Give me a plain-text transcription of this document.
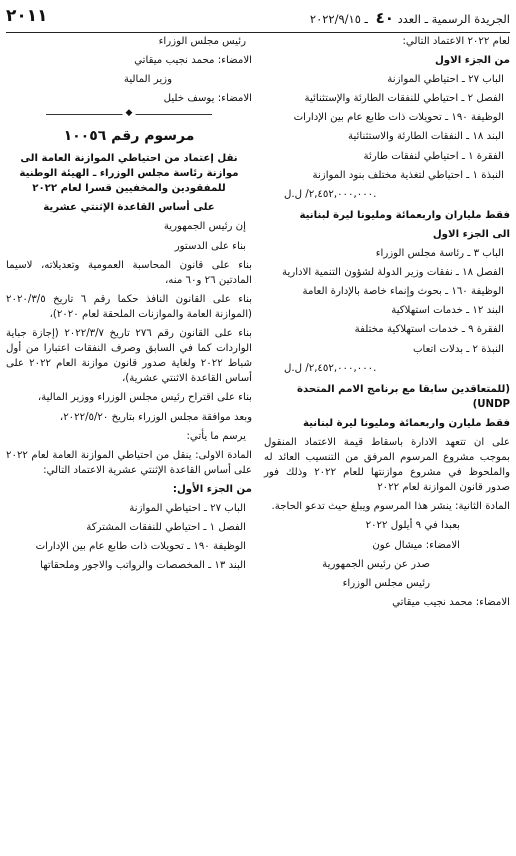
الجريدة الرسمية ـ العدد ٤٠ ـ ٢٠٢٢/٩/١٥
٢٠١١
لعام ٢٠٢٢ الاعتماد التالي:
من الجزء الاول
الباب ٢٧ ـ احتياطي الموازنة
الفصل ٢ ـ احتياطي للنفقات الطارئة والإستثنائية
الوظيفة ١٩٠ ـ تحويلات ذات طابع عام بين الإدارات
البند ١٨ ـ النفقات الطارئة والاستثنائية
الفقرة ١ ـ احتياطي لنفقات طارئة
النبذة ١ ـ احتياطي لتغذية مختلف بنود الموازنة
٢,٤٥٢,٠٠٠,٠٠٠/ ل.ل.
فقط ملياران واربعمائة ومليونا ليرة لبنانية
الى الجزء الاول
الباب ٣ ـ رئاسة مجلس الوزراء
الفصل ١٨ ـ نفقات وزير الدولة لشؤون التنمية الادارية
الوظيفة ١٦٠ ـ بحوث وإنماء خاصة بالإدارة العامة
البند ١٢ ـ خدمات استهلاكية
الفقرة ٩ ـ خدمات استهلاكية مختلفة
النبذة ٢ ـ بدلات اتعاب
٢,٤٥٢,٠٠٠,٠٠٠/ ل.ل.
(للمتعاقدين سابقا مع برنامج الامم المتحدة UNDP)
فقط مليارن واربعمائة ومليونا ليرة لبنانية
على ان تتعهد الادارة باسقاط قيمة الاعتماد المنقول بموجب مشروع المرسوم المرفق من التنسيب العائد له والملحوظ في مشروع موازنتها للعام ٢٠٢٢ وذلك فور صدور قانون الموازنة لعام ٢٠٢٢
المادة الثانية: ينشر هذا المرسوم ويبلغ حيث تدعو الحاجة.
بعبدا في ٩ أيلول ٢٠٢٢
الامضاء: ميشال عون
صدر عن رئيس الجمهورية
رئيس مجلس الوزراء
الامضاء: محمد نجيب ميقاتي
رئيس مجلس الوزراء
الامضاء: محمد نجيب ميقاتي
وزير المالية
الامضاء: يوسف خليل
◆
مرسوم رقم ١٠٠٥٦
نقل إعتماد من احتياطي الموازنة العامة الى موازنة رئاسة مجلس الوزراء ـ الهيئة الوطنية للمفقودين والمخفيين قسرا لعام ٢٠٢٢
على أساس القاعدة الإثنتي عشرية
إن رئيس الجمهورية
بناء على الدستور
بناء على قانون المحاسبة العمومية وتعديلاته، لاسيما المادتين ٢٦ و٦٠ منه،
بناء على القانون النافذ حكما رقم ٦ تاريخ ٢٠٢٠/٣/٥ (الموازنة العامة والموازنات الملحقة لعام ٢٠٢٠)،
بناء على القانون رقم ٢٧٦ تاريخ ٢٠٢٢/٣/٧ (إجازة جباية الواردات كما في السابق وصرف النفقات اعتبارا من أول شباط ٢٠٢٢ ولغاية صدور قانون موازنة العام ٢٠٢٢ على أساس القاعدة الاثنتي عشرية)،
بناء على اقتراح رئيس مجلس الوزراء ووزير المالية،
وبعد موافقة مجلس الوزراء بتاريخ ٢٠٢٢/٥/٢٠،
يرسم ما يأتي:
المادة الاولى: ينقل من احتياطي الموازنة العامة لعام ٢٠٢٢ على أساس القاعدة الإثنتي عشرية الاعتماد التالي:
من الجزء الأول:
الباب ٢٧ ـ احتياطي الموازنة
الفصل ١ ـ احتياطي للنفقات المشتركة
الوظيفة ١٩٠ ـ تحويلات ذات طابع عام بين الإدارات
البند ١٣ ـ المخصصات والرواتب والاجور وملحقاتها
